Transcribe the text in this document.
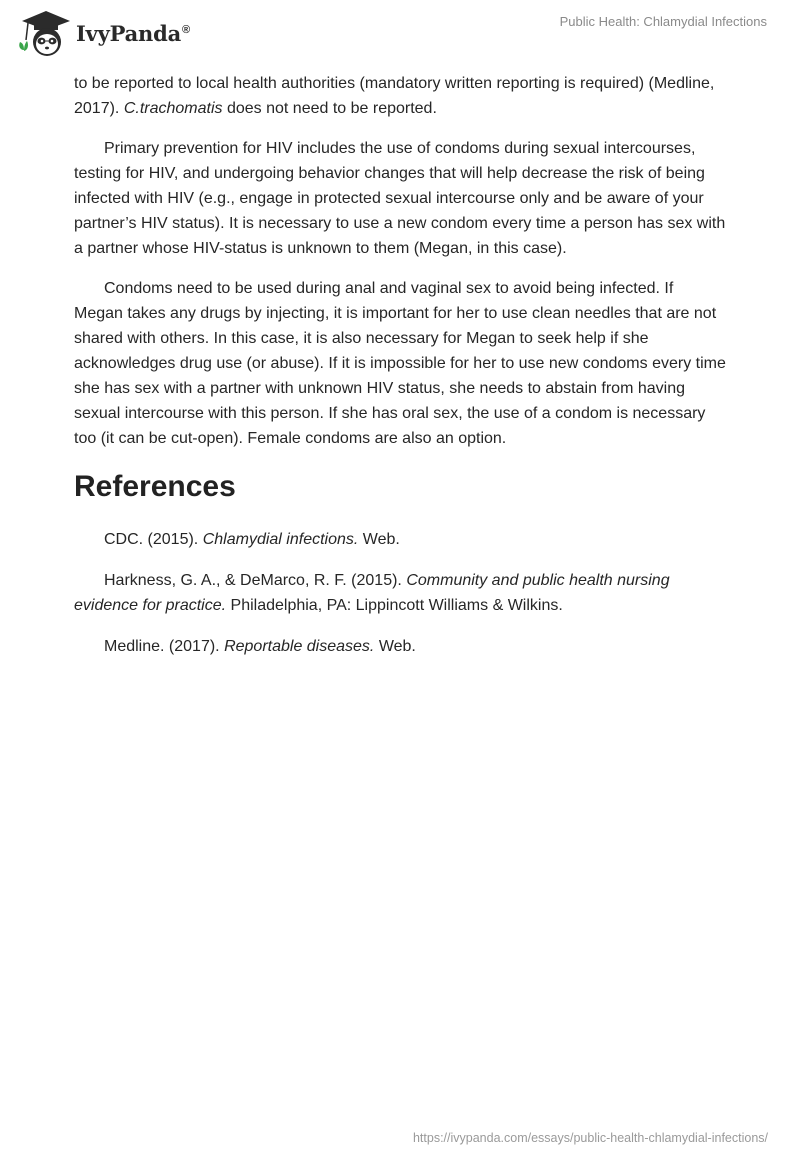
IvyPanda®
Public Health: Chlamydial Infections

to be reported to local health authorities (mandatory written reporting is required) (Medline, 2017). C.trachomatis does not need to be reported.

Primary prevention for HIV includes the use of condoms during sexual intercourses, testing for HIV, and undergoing behavior changes that will help decrease the risk of being infected with HIV (e.g., engage in protected sexual intercourse only and be aware of your partner’s HIV status). It is necessary to use a new condom every time a person has sex with a partner whose HIV-status is unknown to them (Megan, in this case).

Condoms need to be used during anal and vaginal sex to avoid being infected. If Megan takes any drugs by injecting, it is important for her to use clean needles that are not shared with others. In this case, it is also necessary for Megan to seek help if she acknowledges drug use (or abuse). If it is impossible for her to use new condoms every time she has sex with a partner with unknown HIV status, she needs to abstain from having sexual intercourse with this person. If she has oral sex, the use of a condom is necessary too (it can be cut-open). Female condoms are also an option.

References

CDC. (2015). Chlamydial infections. Web.

Harkness, G. A., & DeMarco, R. F. (2015). Community and public health nursing evidence for practice. Philadelphia, PA: Lippincott Williams & Wilkins.

Medline. (2017). Reportable diseases. Web.

https://ivypanda.com/essays/public-health-chlamydial-infections/
